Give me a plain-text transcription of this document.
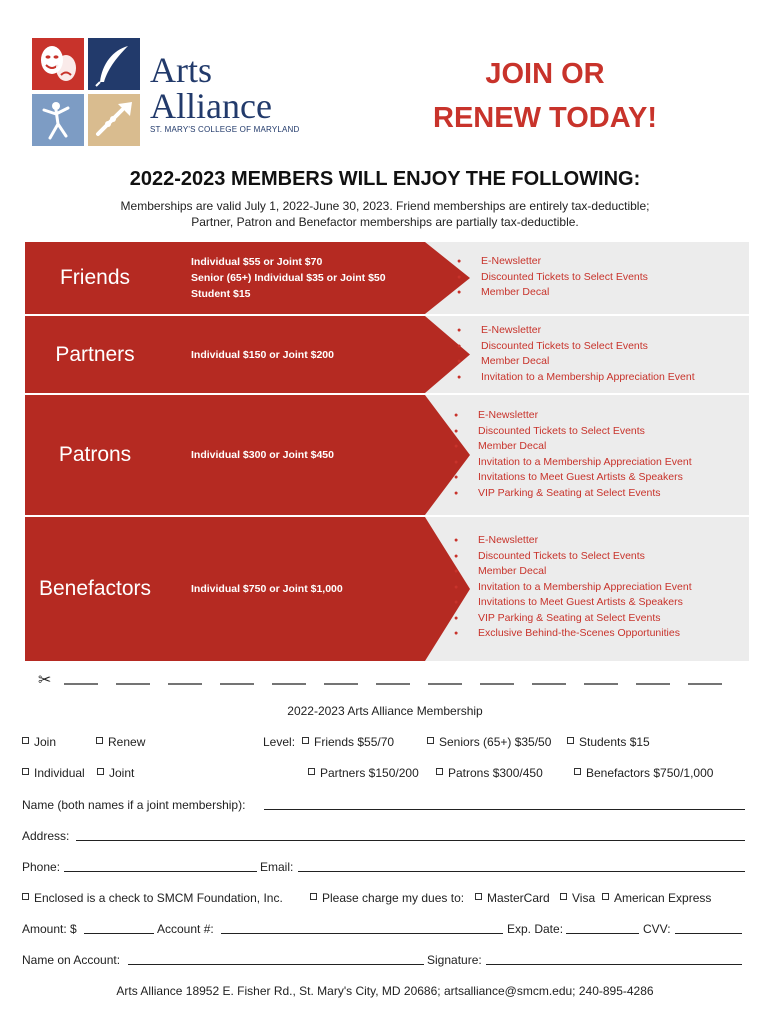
Arts
Alliance
ST. MARY'S COLLEGE OF MARYLAND
JOIN OR
RENEW TODAY!
2022-2023 MEMBERS WILL ENJOY THE FOLLOWING:
Memberships are valid July 1, 2022-June 30, 2023. Friend memberships are entirely tax-deductible;
Partner, Patron and Benefactor memberships are partially tax-deductible.
Friends
Individual $55 or Joint $70
Senior (65+) Individual $35 or Joint $50
Student $15
● E-Newsletter
● Discounted Tickets to Select Events
● Member Decal
Partners	Individual $150 or Joint $200
● E-Newsletter
● Discounted Tickets to Select Events
● Member Decal
● Invitation to a Membership Appreciation Event
Patrons	Individual $300 or Joint $450
● E-Newsletter
● Discounted Tickets to Select Events
● Member Decal
● Invitation to a Membership Appreciation Event
● Invitations to Meet Guest Artists & Speakers
● VIP Parking & Seating at Select Events
Benefactors	Individual $750 or Joint $1,000
● E-Newsletter
● Discounted Tickets to Select Events
● Member Decal
● Invitation to a Membership Appreciation Event
● Invitations to Meet Guest Artists & Speakers
● VIP Parking & Seating at Select Events
● Exclusive Behind-the-Scenes Opportunities
✂
2022-2023 Arts Alliance Membership
Join	Renew	Level:	Friends $55/70	Seniors (65+) $35/50	Students $15
Individual	Joint	Partners $150/200	Patrons $300/450	Benefactors $750/1,000
Name (both names if a joint membership):
Address:
Phone:	Email:
Enclosed is a check to SMCM Foundation, Inc.	Please charge my dues to:	MasterCard	Visa	American Express
Amount: $	Account #:	Exp. Date:	CVV:
Name on Account:	Signature:
Arts Alliance 18952 E. Fisher Rd., St. Mary's City, MD 20686; artsalliance@smcm.edu; 240-895-4286
